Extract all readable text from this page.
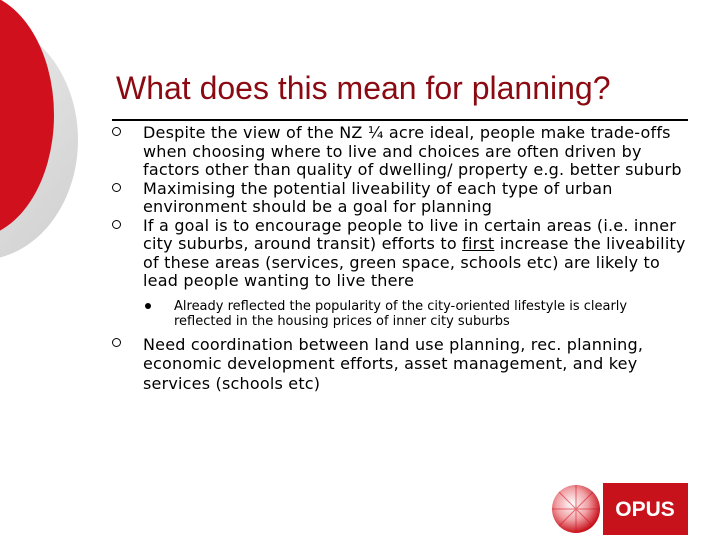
What does this mean for planning?

Despite the view of the NZ ¼ acre ideal, people make trade-offs when choosing where to live and choices are often driven by factors other than quality of dwelling/ property e.g. better suburb

Maximising the potential liveability of each type of urban environment should be a goal for planning

If a goal is to encourage people to live in certain areas (i.e. inner city suburbs, around transit) efforts to first increase the liveability of these areas (services, green space, schools etc) are likely to lead people wanting to live there

Already reflected the popularity of the city-oriented lifestyle is clearly reflected in the housing prices of inner city suburbs

Need coordination between land use planning, rec. planning, economic development efforts, asset management, and key services (schools etc)

OPUS
